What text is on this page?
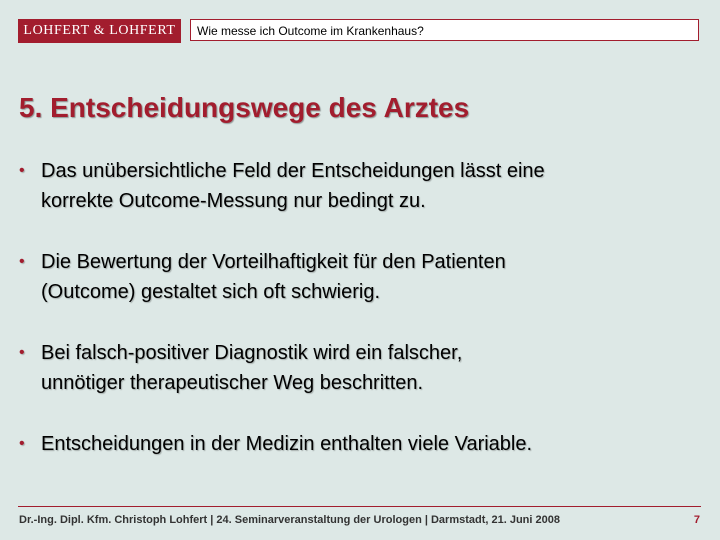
LOHFERT & LOHFERT	Wie messe ich Outcome im Krankenhaus?
5. Entscheidungswege des Arztes
• Das unübersichtliche Feld der Entscheidungen lässt eine
korrekte Outcome-Messung nur bedingt zu.
• Die Bewertung der Vorteilhaftigkeit für den Patienten
(Outcome) gestaltet sich oft schwierig.
• Bei falsch-positiver Diagnostik wird ein falscher,
unnötiger therapeutischer Weg beschritten.
• Entscheidungen in der Medizin enthalten viele Variable.
Dr.-Ing. Dipl. Kfm. Christoph Lohfert | 24. Seminarveranstaltung der Urologen | Darmstadt, 21. Juni 2008	7
